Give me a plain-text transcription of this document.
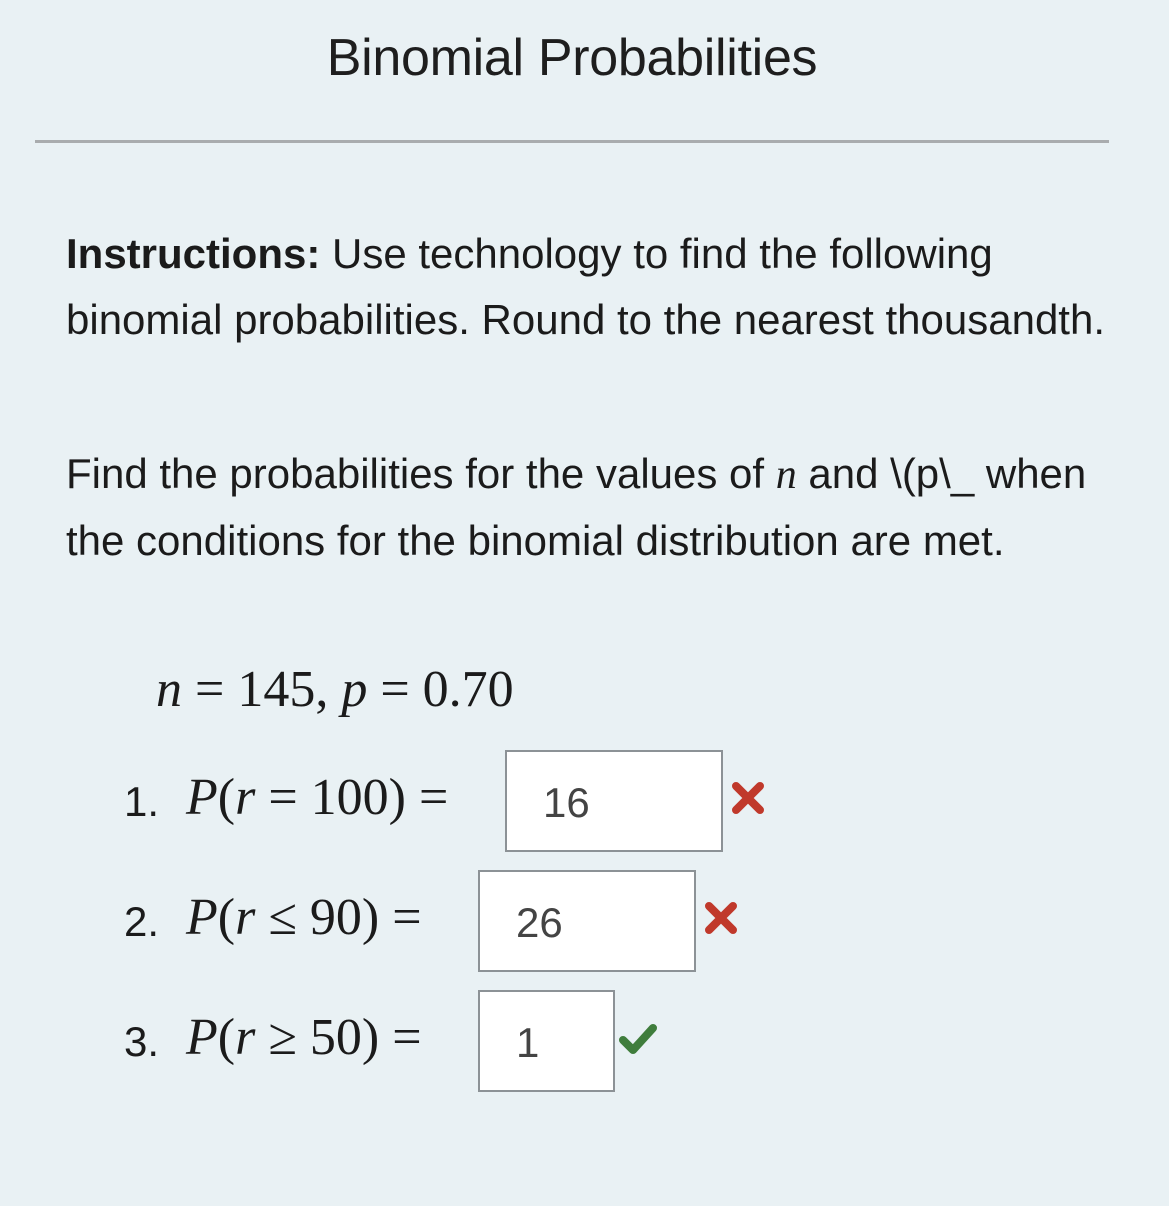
Binomial Probabilities
Instructions: Use technology to find the following binomial probabilities. Round to the nearest thousandth.
Find the probabilities for the values of n and \(p\_ when the conditions for the binomial distribution are met.
n = 145, p = 0.70
1. P(r = 100) =	16
2. P(r ≤ 90) =	26
3. P(r ≥ 50) =	1
